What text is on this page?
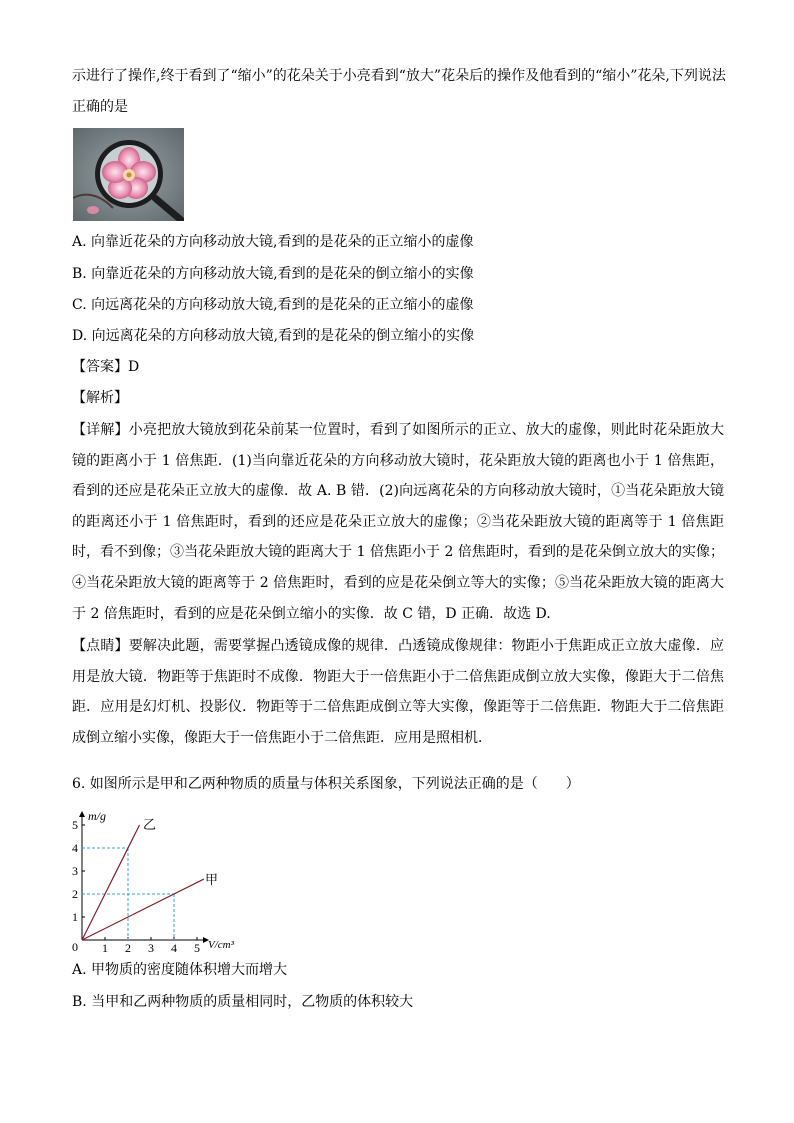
示进行了操作,终于看到了“缩小”的花朵关于小亮看到“放大”花朵后的操作及他看到的“缩小”花朵,下列说法
正确的是
A. 向靠近花朵的方向移动放大镜,看到的是花朵的正立缩小的虚像
B. 向靠近花朵的方向移动放大镜,看到的是花朵的倒立缩小的实像
C. 向远离花朵的方向移动放大镜,看到的是花朵的正立缩小的虚像
D. 向远离花朵的方向移动放大镜,看到的是花朵的倒立缩小的实像
【答案】D
【解析】
【详解】小亮把放大镜放到花朵前某一位置时，看到了如图所示的正立、放大的虚像，则此时花朵距放大镜的距离小于 1 倍焦距．(1)当向靠近花朵的方向移动放大镜时，花朵距放大镜的距离也小于 1 倍焦距，看到的还应是花朵正立放大的虚像．故 A. B 错．(2)向远离花朵的方向移动放大镜时，①当花朵距放大镜的距离还小于 1 倍焦距时，看到的还应是花朵正立放大的虚像；②当花朵距放大镜的距离等于 1 倍焦距时，看不到像；③当花朵距放大镜的距离大于 1 倍焦距小于 2 倍焦距时，看到的是花朵倒立放大的实像；④当花朵距放大镜的距离等于 2 倍焦距时，看到的应是花朵倒立等大的实像；⑤当花朵距放大镜的距离大于 2 倍焦距时，看到的应是花朵倒立缩小的实像．故 C 错，D 正确．故选 D.
【点睛】要解决此题，需要掌握凸透镜成像的规律．凸透镜成像规律：物距小于焦距成正立放大虚像．应用是放大镜．物距等于焦距时不成像．物距大于一倍焦距小于二倍焦距成倒立放大实像，像距大于二倍焦距．应用是幻灯机、投影仪．物距等于二倍焦距成倒立等大实像，像距等于二倍焦距．物距大于二倍焦距成倒立缩小实像，像距大于一倍焦距小于二倍焦距．应用是照相机．
6. 如图所示是甲和乙两种物质的质量与体积关系图象，下列说法正确的是（　　）
1
2
3
4
5
1 2 3 4 5
m/g
V/cm³
0
乙
甲
A. 甲物质的密度随体积增大而增大
B. 当甲和乙两种物质的质量相同时，乙物质的体积较大
